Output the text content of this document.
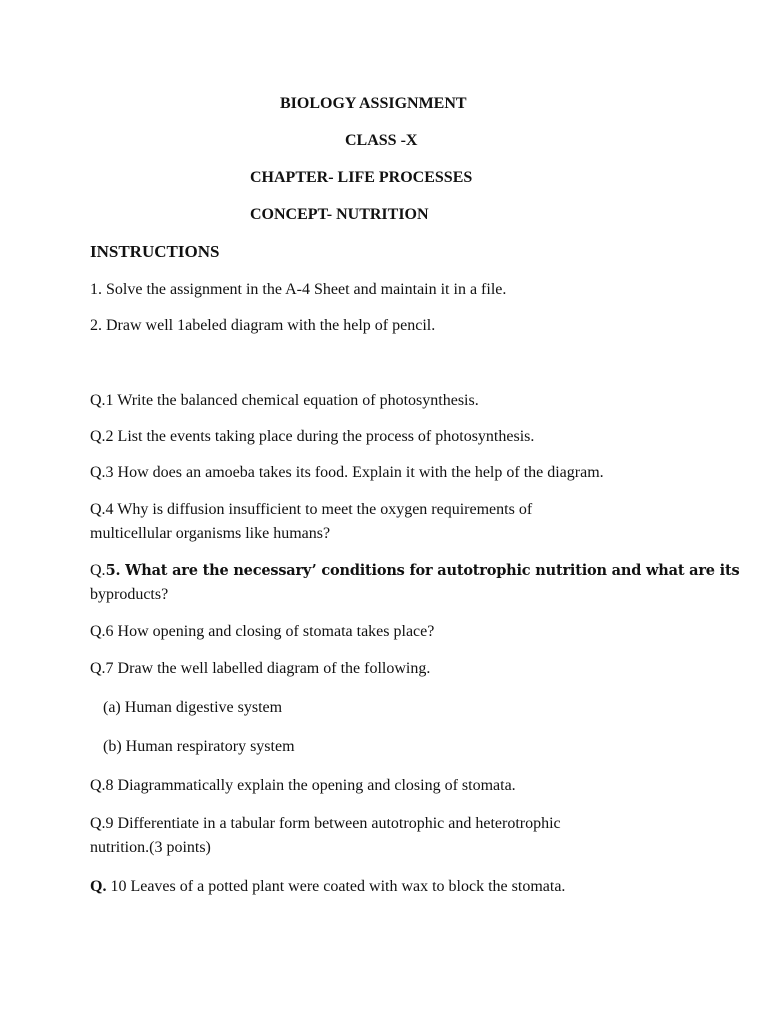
BIOLOGY ASSIGNMENT
CLASS -X
CHAPTER- LIFE PROCESSES
CONCEPT- NUTRITION
INSTRUCTIONS
1. Solve the assignment in the A-4 Sheet and maintain it in a file.
2. Draw well 1abeled diagram with the help of pencil.
Q.1 Write the balanced chemical equation of photosynthesis.
Q.2 List the events taking place during the process of photosynthesis.
Q.3 How does an amoeba takes its food. Explain it with the help of the diagram.
Q.4 Why is diffusion insufficient to meet the oxygen requirements of
multicellular organisms like humans?
Q.5. What are the necessary’ conditions for autotrophic nutrition and what are its
byproducts?
Q.6 How opening and closing of stomata takes place?
Q.7 Draw the well labelled diagram of the following.
(a) Human digestive system
(b) Human respiratory system
Q.8 Diagrammatically explain the opening and closing of stomata.
Q.9 Differentiate in a tabular form between autotrophic and heterotrophic
nutrition.(3 points)
Q. 10 Leaves of a potted plant were coated with wax to block the stomata.
